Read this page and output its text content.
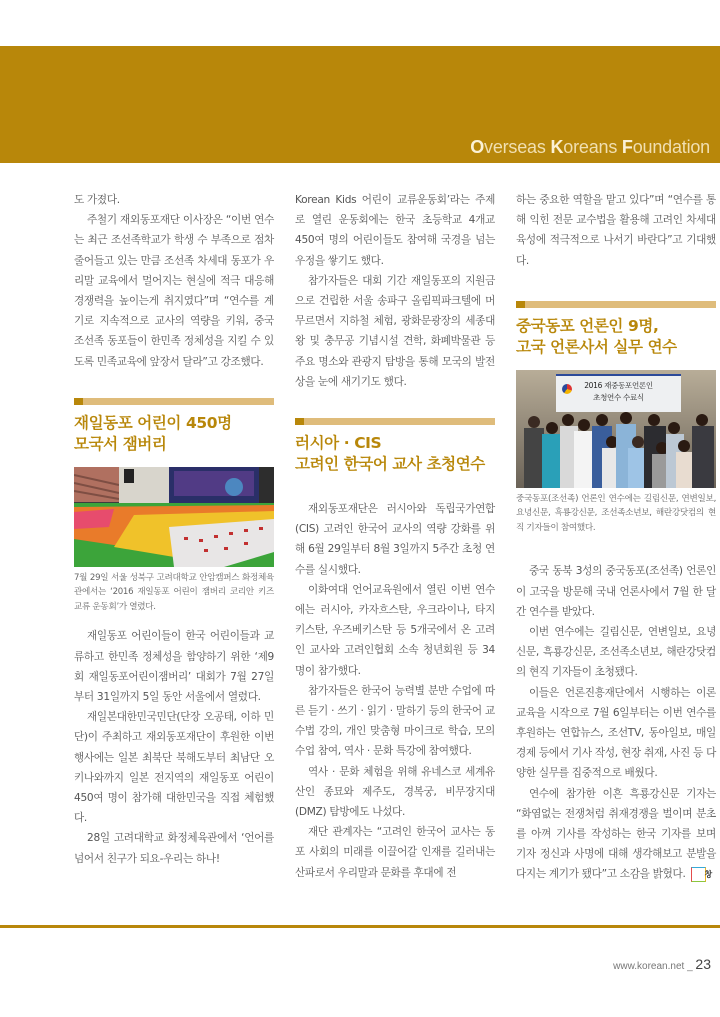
Overseas Koreans Foundation

도 가졌다.

주철기 재외동포재단 이사장은 “이번 연수는 최근 조선족학교가 학생 수 부족으로 점차 줄어들고 있는 만큼 조선족 차세대 동포가 우리말 교육에서 멀어지는 현실에 적극 대응해 경쟁력을 높이는게 취지였다”며 “연수를 계기로 지속적으로 교사의 역량을 키워, 중국 조선족 동포들이 한민족 정체성을 지킬 수 있도록 민족교육에 앞장서 달라”고 강조했다.

재일동포 어린이 450명
모국서 잼버리
7월 29일 서울 성북구 고려대학교 안암캠퍼스 화정체육관에서는 ‘2016 재일동포 어린이 잼버리 코리안 키즈 교류 운동회’가 열렸다.

재일동포 어린이들이 한국 어린이들과 교류하고 한민족 정체성을 함양하기 위한 ‘제9회 재일동포어린이잼버리’ 대회가 7월 27일부터 31일까지 5일 동안 서울에서 열렸다.

재일본대한민국민단(단장 오공태, 이하 민단)이 주최하고 재외동포재단이 후원한 이번 행사에는 일본 최북단 북해도부터 최남단 오키나와까지 일본 전지역의 재일동포 어린이 450여 명이 참가해 대한민국을 직접 체험했다.

28일 고려대학교 화정체육관에서 ‘언어를 넘어서 친구가 되요-우리는 하나!

Korean Kids 어린이 교류운동회’라는 주제로 열린 운동회에는 한국 초등학교 4개교 450여 명의 어린이들도 참여해 국경을 넘는 우정을 쌓기도 했다.

참가자들은 대회 기간 재일동포의 지원금으로 건립한 서울 송파구 올림픽파크텔에 머무르면서 지하철 체험, 광화문광장의 세종대왕 및 충무공 기념시설 견학, 화폐박물관 등 주요 명소와 관광지 탐방을 통해 모국의 발전상을 눈에 새기기도 했다.

러시아 · CIS
고려인 한국어 교사 초청연수

재외동포재단은 러시아와 독립국가연합(CIS) 고려인 한국어 교사의 역량 강화를 위해 6월 29일부터 8월 3일까지 5주간 초청 연수를 실시했다.

이화여대 언어교육원에서 열린 이번 연수에는 러시아, 카자흐스탄, 우크라이나, 타지키스탄, 우즈베키스탄 등 5개국에서 온 고려인 교사와 고려인협회 소속 청년회원 등 34명이 참가했다.

참가자들은 한국어 능력별 분반 수업에 따른 듣기 · 쓰기 · 읽기 · 말하기 등의 한국어 교수법 강의, 개인 맞춤형 마이크로 학습, 모의수업 참여, 역사 · 문화 특강에 참여했다.

역사 · 문화 체험을 위해 유네스코 세계유산인 종묘와 제주도, 경복궁, 비무장지대(DMZ) 탐방에도 나섰다.

재단 관계자는 “고려인 한국어 교사는 동포 사회의 미래를 이끌어갈 인재를 길러내는 산파로서 우리말과 문화를 후대에 전

하는 중요한 역할을 맡고 있다”며 “연수를 통해 익힌 전문 교수법을 활용해 고려인 차세대 육성에 적극적으로 나서기 바란다”고 기대했다.

중국동포 언론인 9명,
고국 언론사서 실무 연수
2016 재중동포언론인
초청연수 수료식
중국동포(조선족) 언론인 연수에는 길림신문, 연변일보, 요녕신문, 흑룡강신문, 조선족소년보, 해란강닷컴의 현직 기자들이 참여했다.

중국 동북 3성의 중국동포(조선족) 언론인이 고국을 방문해 국내 언론사에서 7월 한 달간 연수를 받았다.

이번 연수에는 길림신문, 연변일보, 요녕신문, 흑룡강신문, 조선족소년보, 해란강닷컴의 현직 기자들이 초청됐다.

이들은 언론진흥재단에서 시행하는 이론 교육을 시작으로 7월 6일부터는 이번 연수를 후원하는 연합뉴스, 조선TV, 동아일보, 매일경제 등에서 기사 작성, 현장 취재, 사진 등 다양한 실무를 집중적으로 배웠다.

연수에 참가한 이흔 흑룡강신문 기자는 “화염없는 전쟁처럼 취재경쟁을 벌이며 분초를 아껴 기사를 작성하는 한국 기자를 보며 기자 정신과 사명에 대해 생각해보고 분발을 다지는 계기가 됐다”고 소감을 밝혔다. 창

www.korean.net _ 23
